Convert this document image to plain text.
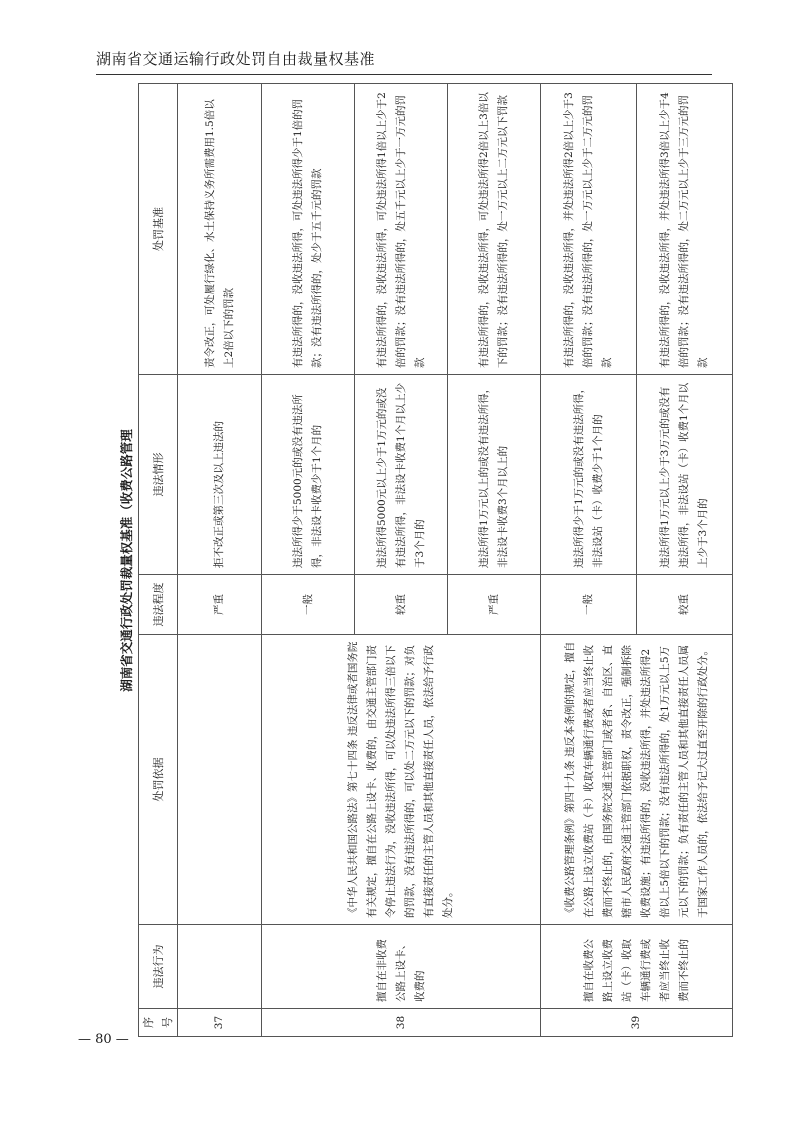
湖南省交通运输行政处罚自由裁量权基准
湖南省交通行政处罚裁量权基准（收费公路管理
序号	违法行为	处罚依据	违法程度	违法情形	处罚基准
37			严重	拒不改正或第三次及以上违法的	责令改正，可处履行绿化、水土保持义务所需费用1.5倍以上2倍以下的罚款
38	擅自在非收费公路上设卡、收费的	《中华人民共和国公路法》第七十四条 违反法律或者国务院有关规定，擅自在公路上设卡、收费的，由交通主管部门责令停止违法行为，没收违法所得，可以处违法所得三倍以下的罚款，没有违法所得的，可以处二万元以下的罚款；对负有直接责任的主管人员和其他直接责任人员，依法给予行政处分。	一般	违法所得少于5000元的或没有违法所得，非法设卡收费少于1个月的	有违法所得的，没收违法所得，可处违法所得少于1倍的罚款；没有违法所得的，处少于五千元的罚款
			较重	违法所得5000元以上少于1万元的或没有违法所得，非法设卡收费1个月以上少于3个月的	有违法所得的，没收违法所得，可处违法所得1倍以上少于2倍的罚款；没有违法所得的，处五千元以上少于一万元的罚款
			严重	违法所得1万元以上的或没有违法所得，非法设卡收费3个月以上的	有违法所得的，没收违法所得，可处违法所得2倍以上3倍以下的罚款；没有违法所得的，处一万元以上二万元以下罚款
39	擅自在收费公路上设立收费站（卡）收取车辆通行费或者应当终止收费而不终止的	《收费公路管理条例》第四十九条 违反本条例的规定，擅自在公路上设立收费站（卡）收取车辆通行费或者应当终止收费而不终止的，由国务院交通主管部门或者省、自治区、直辖市人民政府交通主管部门依据职权，责令改正，强制拆除收费设施；有违法所得的，没收违法所得，并处违法所得2倍以上5倍以下的罚款；没有违法所得的，处1万元以上5万元以下的罚款；负有责任的主管人员和其他直接责任人员属于国家工作人员的，依法给予记大过直至开除的行政处分。	一般	违法所得少于1万元的或没有违法所得，非法设站（卡）收费少于1个月的	有违法所得的，没收违法所得，并处违法所得2倍以上少于3倍的罚款；没有违法所得的，处一万元以上少于二万元的罚款
			较重	违法所得1万元以上少于3万元的或没有违法所得，非法设站（卡）收费1个月以上少于3个月的	有违法所得的，没收违法所得，并处违法所得3倍以上少于4倍的罚款；没有违法所得的，处二万元以上少于三万元的罚款
— 80 —
